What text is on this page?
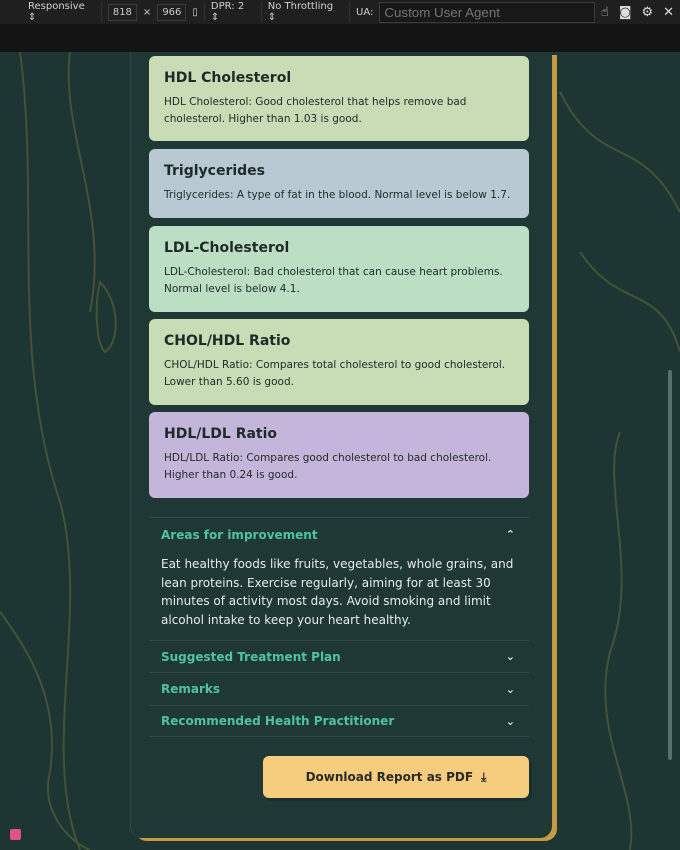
Responsive ⇕	818	×	966	▯ DPR: 2 ⇕
No Throttling ⇕	UA:
Custom User Agent	☝ ◙ ⚙ ✕
HDL Cholesterol

HDL Cholesterol: Good cholesterol that helps remove bad cholesterol. Higher than 1.03 is good.

Triglycerides

Triglycerides: A type of fat in the blood. Normal level is below 1.7.

LDL-Cholesterol

LDL-Cholesterol: Bad cholesterol that can cause heart problems. Normal level is below 4.1.

CHOL/HDL Ratio

CHOL/HDL Ratio: Compares total cholesterol to good cholesterol. Lower than 5.60 is good.

HDL/LDL Ratio

HDL/LDL Ratio: Compares good cholesterol to bad cholesterol. Higher than 0.24 is good.

Areas for improvement	⌃
Eat healthy foods like fruits, vegetables, whole grains, and lean proteins. Exercise regularly, aiming for at least 30 minutes of activity most days. Avoid smoking and limit alcohol intake to keep your heart healthy.
Suggested Treatment Plan	⌄
Remarks	⌄
Recommended Health Practitioner	⌄
Download Report as PDF ⤓
